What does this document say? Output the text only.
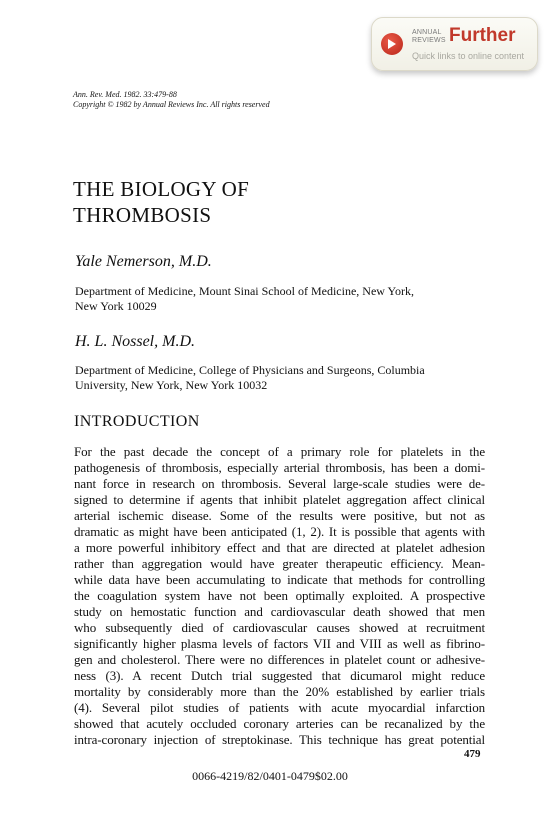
ANNUAL REVIEWS Further
Quick links to online content
Ann. Rev. Med. 1982. 33:479-88
Copyright © 1982 by Annual Reviews Inc. All rights reserved
THE BIOLOGY OF
THROMBOSIS
Yale Nemerson, M.D.
Department of Medicine, Mount Sinai School of Medicine, New York,
New York 10029
H. L. Nossel, M.D.
Department of Medicine, College of Physicians and Surgeons, Columbia
University, New York, New York 10032
INTRODUCTION
For the past decade the concept of a primary role for platelets in the
pathogenesis of thrombosis, especially arterial thrombosis, has been a domi-
nant force in research on thrombosis. Several large-scale studies were de-
signed to determine if agents that inhibit platelet aggregation affect clinical
arterial ischemic disease. Some of the results were positive, but not as
dramatic as might have been anticipated (1, 2). It is possible that agents with
a more powerful inhibitory effect and that are directed at platelet adhesion
rather than aggregation would have greater therapeutic efficiency. Mean-
while data have been accumulating to indicate that methods for controlling
the coagulation system have not been optimally exploited. A prospective
study on hemostatic function and cardiovascular death showed that men
who subsequently died of cardiovascular causes showed at recruitment
significantly higher plasma levels of factors VII and VIII as well as fibrino-
gen and cholesterol. There were no differences in platelet count or adhesive-
ness (3). A recent Dutch trial suggested that dicumarol might reduce
mortality by considerably more than the 20% established by earlier trials
(4). Several pilot studies of patients with acute myocardial infarction
showed that acutely occluded coronary arteries can be recanalized by the
intra-coronary injection of streptokinase. This technique has great potential
479
0066-4219/82/0401-0479$02.00
